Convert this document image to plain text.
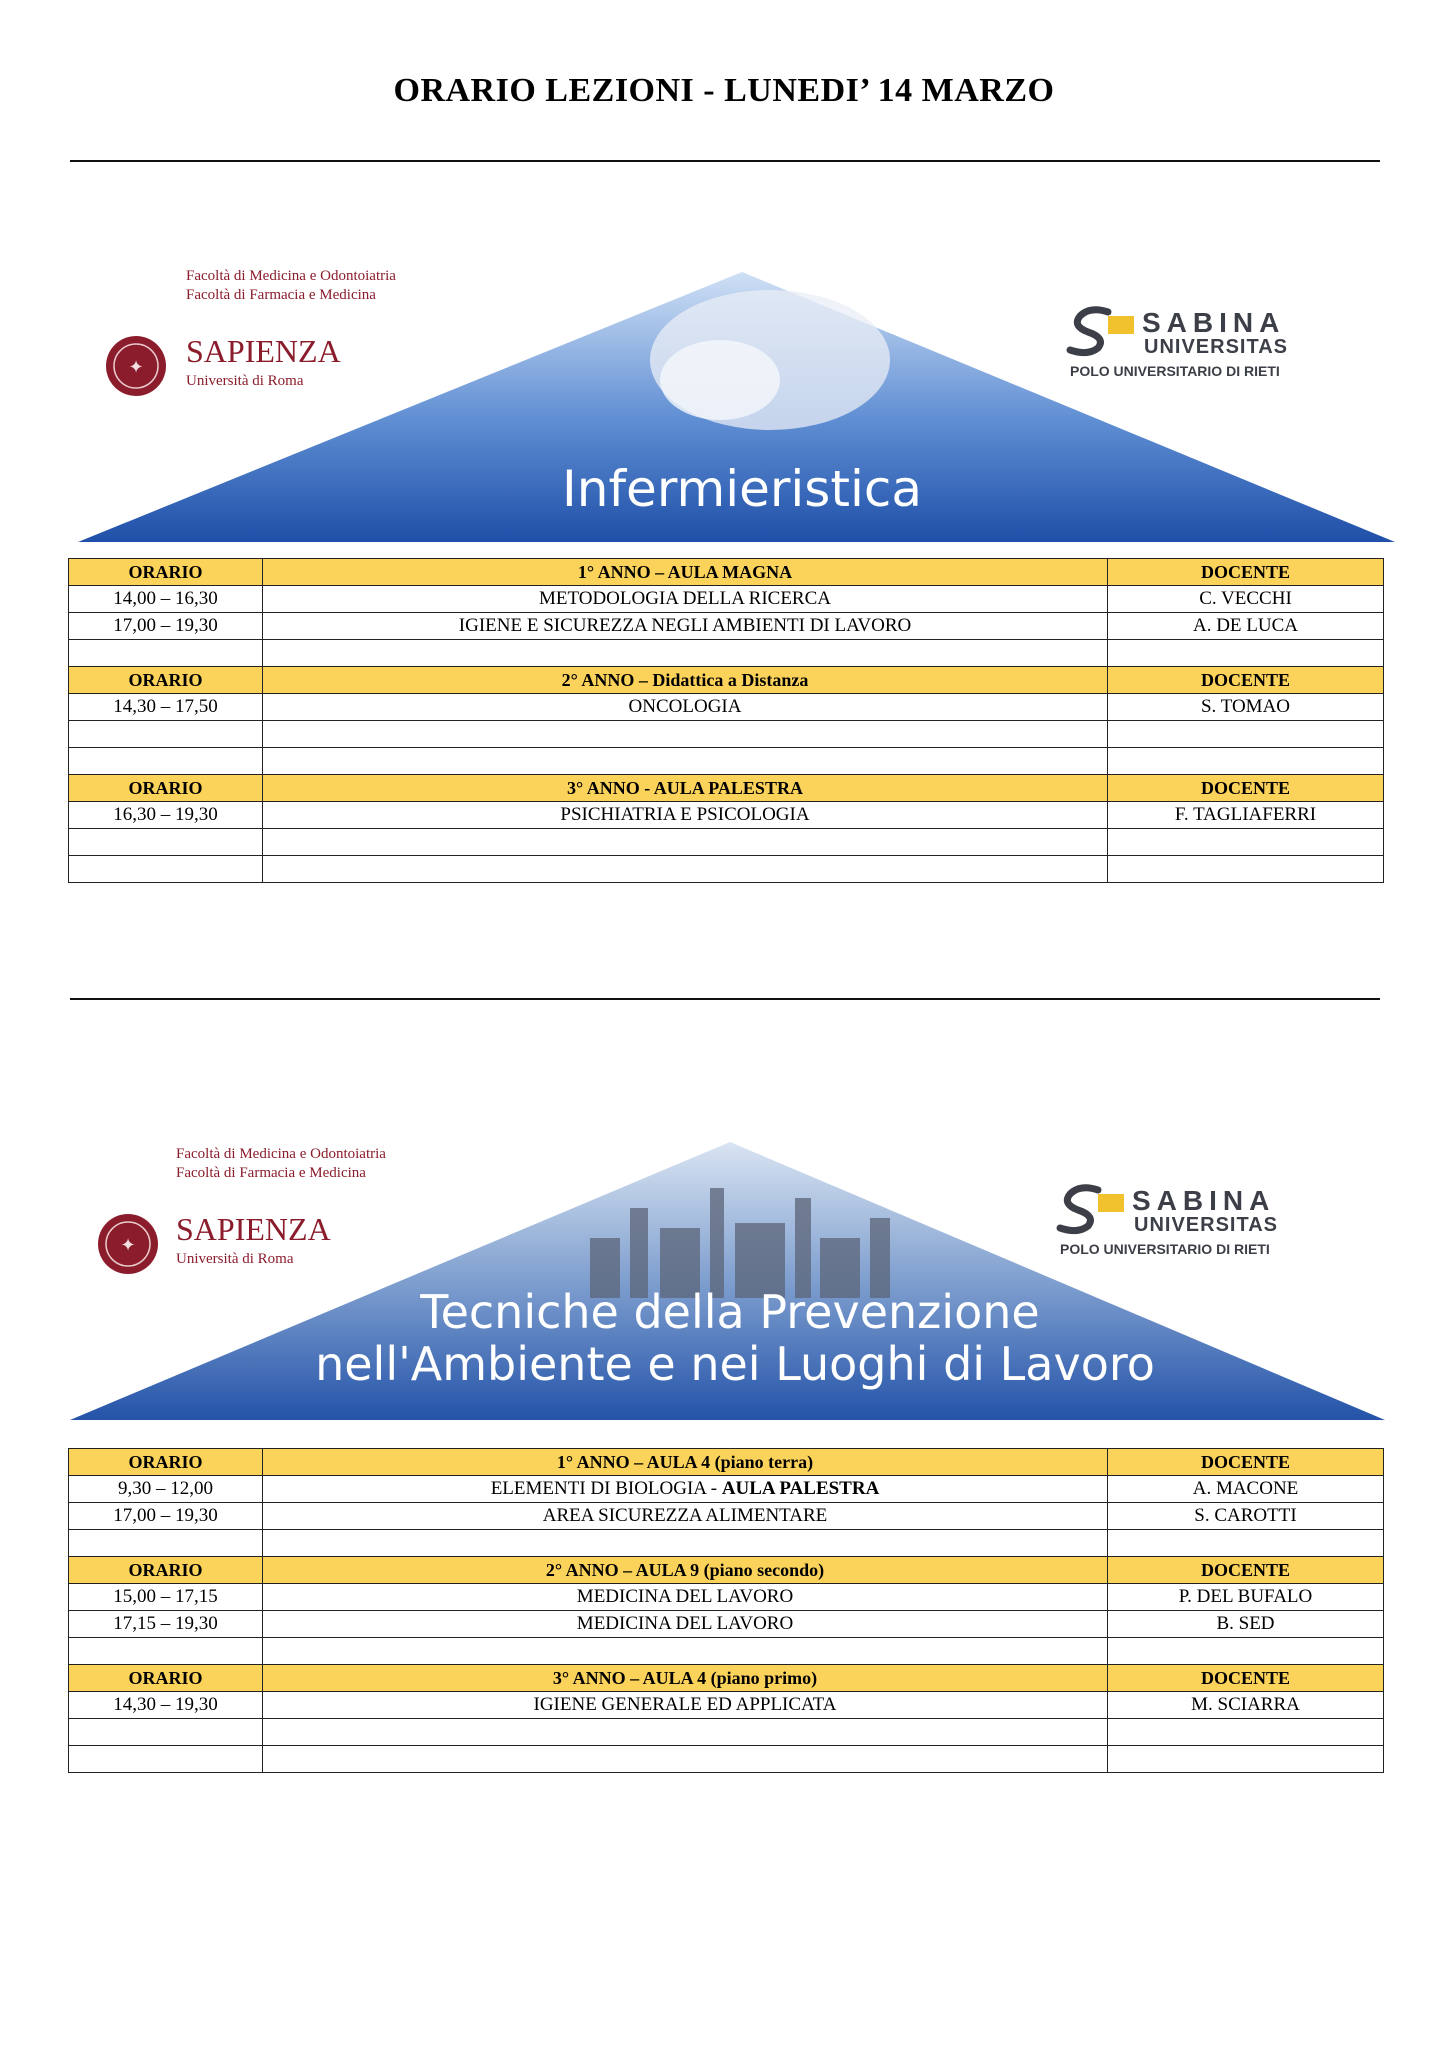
ORARIO LEZIONI - LUNEDI’ 14 MARZO
✦
Facoltà di Medicina e Odontoiatria
Facoltà di Farmacia e Medicina
SAPIENZA
Università di Roma
SABINA
UNIVERSITAS
POLO UNIVERSITARIO DI RIETI
Infermieristica
ORARIO	1° ANNO – AULA MAGNA	DOCENTE
14,00 – 16,30	METODOLOGIA DELLA RICERCA	C. VECCHI
17,00 – 19,30	IGIENE E SICUREZZA NEGLI AMBIENTI DI LAVORO	A. DE LUCA

ORARIO	2° ANNO – Didattica a Distanza	DOCENTE
14,30 – 17,50	ONCOLOGIA	S. TOMAO

ORARIO	3° ANNO - AULA PALESTRA	DOCENTE
16,30 – 19,30	PSICHIATRIA E PSICOLOGIA	F. TAGLIAFERRI

✦
Facoltà di Medicina e Odontoiatria
Facoltà di Farmacia e Medicina
SAPIENZA
Università di Roma
SABINA
UNIVERSITAS
POLO UNIVERSITARIO DI RIETI
Tecniche della Prevenzione
nell'Ambiente e nei Luoghi di Lavoro
ORARIO	1° ANNO – AULA 4 (piano terra)	DOCENTE
9,30 – 12,00	ELEMENTI DI BIOLOGIA - AULA PALESTRA	A. MACONE
17,00 – 19,30	AREA SICUREZZA ALIMENTARE	S. CAROTTI

ORARIO	2° ANNO – AULA 9 (piano secondo)	DOCENTE
15,00 – 17,15	MEDICINA DEL LAVORO	P. DEL BUFALO
17,15 – 19,30	MEDICINA DEL LAVORO	B. SED

ORARIO	3° ANNO – AULA 4 (piano primo)	DOCENTE
14,30 – 19,30	IGIENE GENERALE ED APPLICATA	M. SCIARRA
